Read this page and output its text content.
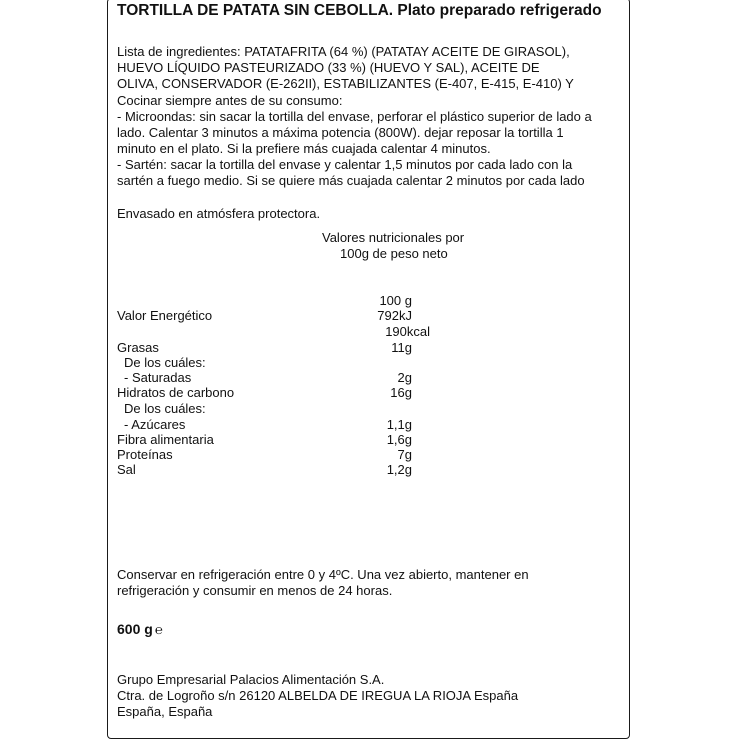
TORTILLA DE PATATA SIN CEBOLLA. Plato preparado refrigerado
Lista de ingredientes: PATATAFRITA (64 %) (PATATAY ACEITE DE GIRASOL),
HUEVO LÍQUIDO PASTEURIZADO (33 %) (HUEVO Y SAL), ACEITE DE
OLIVA, CONSERVADOR (E-262II), ESTABILIZANTES (E-407, E-415, E-410) Y
Cocinar siempre antes de su consumo:
- Microondas: sin sacar la tortilla del envase, perforar el plástico superior de lado a
lado. Calentar 3 minutos a máxima potencia (800W). dejar reposar la tortilla 1
minuto en el plato. Si la prefiere más cuajada calentar 4 minutos.
- Sartén: sacar la tortilla del envase y calentar 1,5 minutos por cada lado con la
sartén a fuego medio. Si se quiere más cuajada calentar 2 minutos por cada lado
Envasado en atmósfera protectora.
Valores nutricionales por
100g de peso neto
100 g
Valor Energético	792kJ
190kcal
Grasas	11g
De los cuáles:
- Saturadas	2g
Hidratos de carbono	16g
De los cuáles:
- Azúcares	1,1g
Fibra alimentaria	1,6g
Proteínas	7g
Sal	1,2g
Conservar en refrigeración entre 0 y 4ºC. Una vez abierto, mantener en
refrigeración y consumir en menos de 24 horas.
600 g ℮
Grupo Empresarial Palacios Alimentación S.A.
Ctra. de Logroño s/n 26120 ALBELDA DE IREGUA LA RIOJA España
España, España
